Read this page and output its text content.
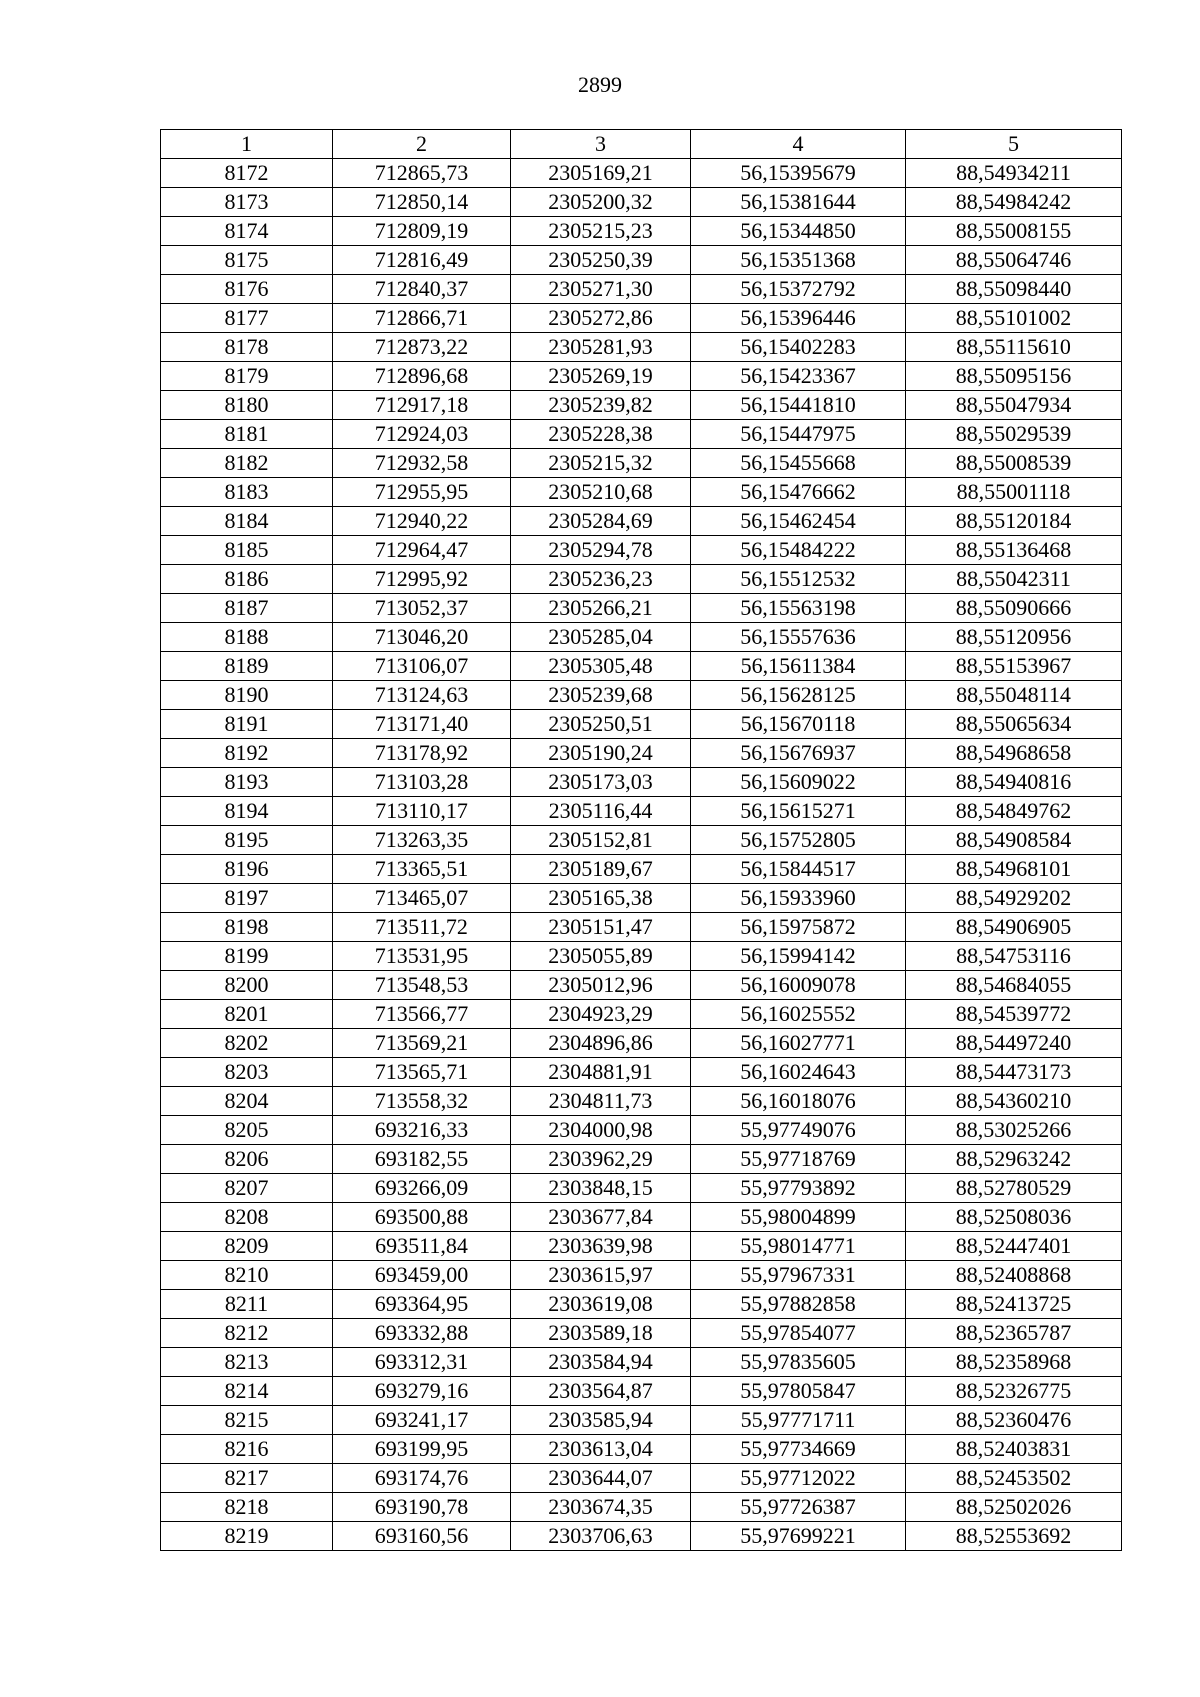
2899
1	2	3	4	5
8172	712865,73	2305169,21	56,15395679	88,54934211
8173	712850,14	2305200,32	56,15381644	88,54984242
8174	712809,19	2305215,23	56,15344850	88,55008155
8175	712816,49	2305250,39	56,15351368	88,55064746
8176	712840,37	2305271,30	56,15372792	88,55098440
8177	712866,71	2305272,86	56,15396446	88,55101002
8178	712873,22	2305281,93	56,15402283	88,55115610
8179	712896,68	2305269,19	56,15423367	88,55095156
8180	712917,18	2305239,82	56,15441810	88,55047934
8181	712924,03	2305228,38	56,15447975	88,55029539
8182	712932,58	2305215,32	56,15455668	88,55008539
8183	712955,95	2305210,68	56,15476662	88,55001118
8184	712940,22	2305284,69	56,15462454	88,55120184
8185	712964,47	2305294,78	56,15484222	88,55136468
8186	712995,92	2305236,23	56,15512532	88,55042311
8187	713052,37	2305266,21	56,15563198	88,55090666
8188	713046,20	2305285,04	56,15557636	88,55120956
8189	713106,07	2305305,48	56,15611384	88,55153967
8190	713124,63	2305239,68	56,15628125	88,55048114
8191	713171,40	2305250,51	56,15670118	88,55065634
8192	713178,92	2305190,24	56,15676937	88,54968658
8193	713103,28	2305173,03	56,15609022	88,54940816
8194	713110,17	2305116,44	56,15615271	88,54849762
8195	713263,35	2305152,81	56,15752805	88,54908584
8196	713365,51	2305189,67	56,15844517	88,54968101
8197	713465,07	2305165,38	56,15933960	88,54929202
8198	713511,72	2305151,47	56,15975872	88,54906905
8199	713531,95	2305055,89	56,15994142	88,54753116
8200	713548,53	2305012,96	56,16009078	88,54684055
8201	713566,77	2304923,29	56,16025552	88,54539772
8202	713569,21	2304896,86	56,16027771	88,54497240
8203	713565,71	2304881,91	56,16024643	88,54473173
8204	713558,32	2304811,73	56,16018076	88,54360210
8205	693216,33	2304000,98	55,97749076	88,53025266
8206	693182,55	2303962,29	55,97718769	88,52963242
8207	693266,09	2303848,15	55,97793892	88,52780529
8208	693500,88	2303677,84	55,98004899	88,52508036
8209	693511,84	2303639,98	55,98014771	88,52447401
8210	693459,00	2303615,97	55,97967331	88,52408868
8211	693364,95	2303619,08	55,97882858	88,52413725
8212	693332,88	2303589,18	55,97854077	88,52365787
8213	693312,31	2303584,94	55,97835605	88,52358968
8214	693279,16	2303564,87	55,97805847	88,52326775
8215	693241,17	2303585,94	55,97771711	88,52360476
8216	693199,95	2303613,04	55,97734669	88,52403831
8217	693174,76	2303644,07	55,97712022	88,52453502
8218	693190,78	2303674,35	55,97726387	88,52502026
8219	693160,56	2303706,63	55,97699221	88,52553692
